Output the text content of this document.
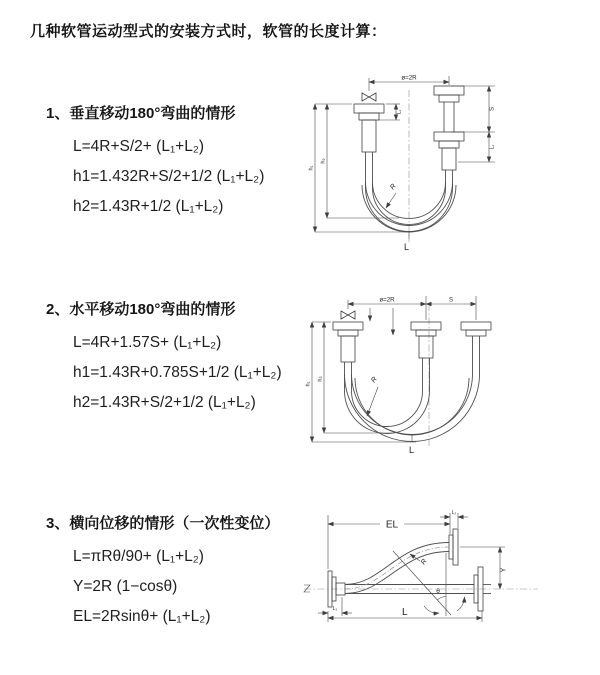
几种软管运动型式的安装方式时，软管的长度计算：
1、垂直移动180°弯曲的情形
L=4R+S/2+ (L₁+L₂)
h1=1.432R+S/2+1/2 (L₁+L₂)
h2=1.43R+1/2 (L₁+L₂)
2、水平移动180°弯曲的情形
L=4R+1.57S+ (L₁+L₂)
h1=1.43R+0.785S+1/2 (L₁+L₂)
h2=1.43R+S/2+1/2 (L₁+L₂)
3、横向位移的情形（一次性变位）
L=πRθ/90+ (L₁+L₂)
Y=2R (1−cosθ)
EL=2Rsinθ+ (L₁+L₂)
ø=2R
h₁
h₂
L₁
S
L₂
R
L
ø=2R	S
h₁
h₂	R
L
EL
L₂
Y
L₁	L
R
θ
